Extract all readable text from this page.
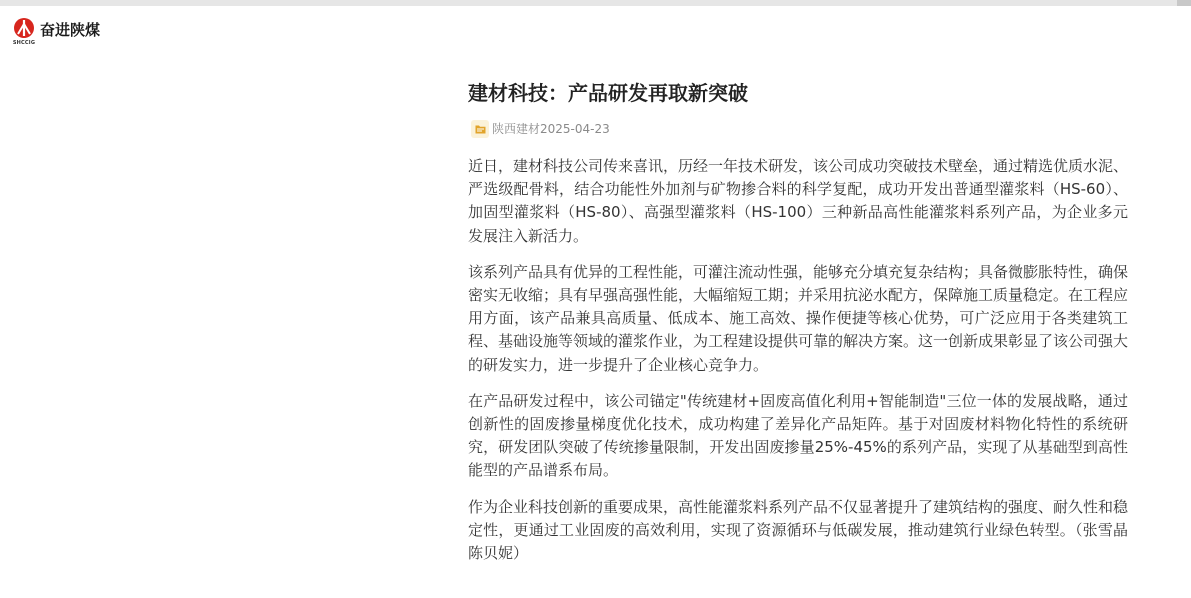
SHCCIG
奋进陕煤
建材科技：产品研发再取新突破
陕西建材 2025-04-23

近日，建材科技公司传来喜讯，历经一年技术研发，该公司成功突破技术壁垒，通过精选优质水泥、严选级配骨料，结合功能性外加剂与矿物掺合料的科学复配，成功开发出普通型灌浆料（HS-60）、加固型灌浆料（HS-80）、高强型灌浆料（HS-100）三种新品高性能灌浆料系列产品，为企业多元发展注入新活力。

该系列产品具有优异的工程性能，可灌注流动性强，能够充分填充复杂结构；具备微膨胀特性，确保密实无收缩；具有早强高强性能，大幅缩短工期；并采用抗泌水配方，保障施工质量稳定。在工程应用方面，该产品兼具高质量、低成本、施工高效、操作便捷等核心优势，可广泛应用于各类建筑工程、基础设施等领域的灌浆作业，为工程建设提供可靠的解决方案。这一创新成果彰显了该公司强大的研发实力，进一步提升了企业核心竞争力。

在产品研发过程中，该公司锚定"传统建材+固废高值化利用+智能制造"三位一体的发展战略，通过创新性的固废掺量梯度优化技术，成功构建了差异化产品矩阵。基于对固废材料物化特性的系统研究，研发团队突破了传统掺量限制，开发出固废掺量25%-45%的系列产品，实现了从基础型到高性能型的产品谱系布局。

作为企业科技创新的重要成果，高性能灌浆料系列产品不仅显著提升了建筑结构的强度、耐久性和稳定性，更通过工业固废的高效利用，实现了资源循环与低碳发展，推动建筑行业绿色转型。（张雪晶 陈贝妮）
